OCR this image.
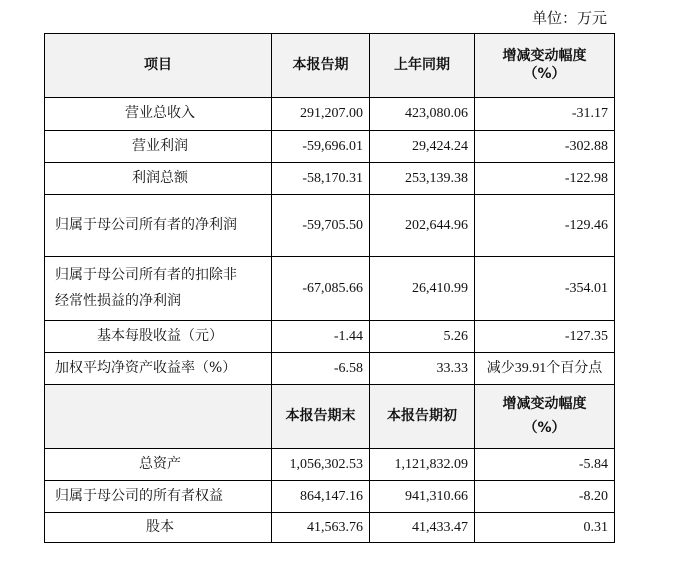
单位：万元
项目	本报告期	上年同期	增减变动幅度
（%）

营业总收入	291,207.00	423,080.06	-31.17
营业利润	-59,696.01	29,424.24	-302.88
利润总额	-58,170.31	253,139.38	-122.98
归属于母公司所有者的净利润	-59,705.50	202,644.96	-129.46

归属于母公司所有者的扣除非
经常性损益的净利润	-67,085.66	26,410.99	-354.01
基本每股收益（元）	-1.44	5.26	-127.35
加权平均净资产收益率（%）	-6.58	33.33	减少39.91个百分点
	本报告期末	本报告期初	增减变动幅度
（%）

总资产	1,056,302.53	1,121,832.09	-5.84
归属于母公司的所有者权益	864,147.16	941,310.66	-8.20
股本	41,563.76	41,433.47	0.31
